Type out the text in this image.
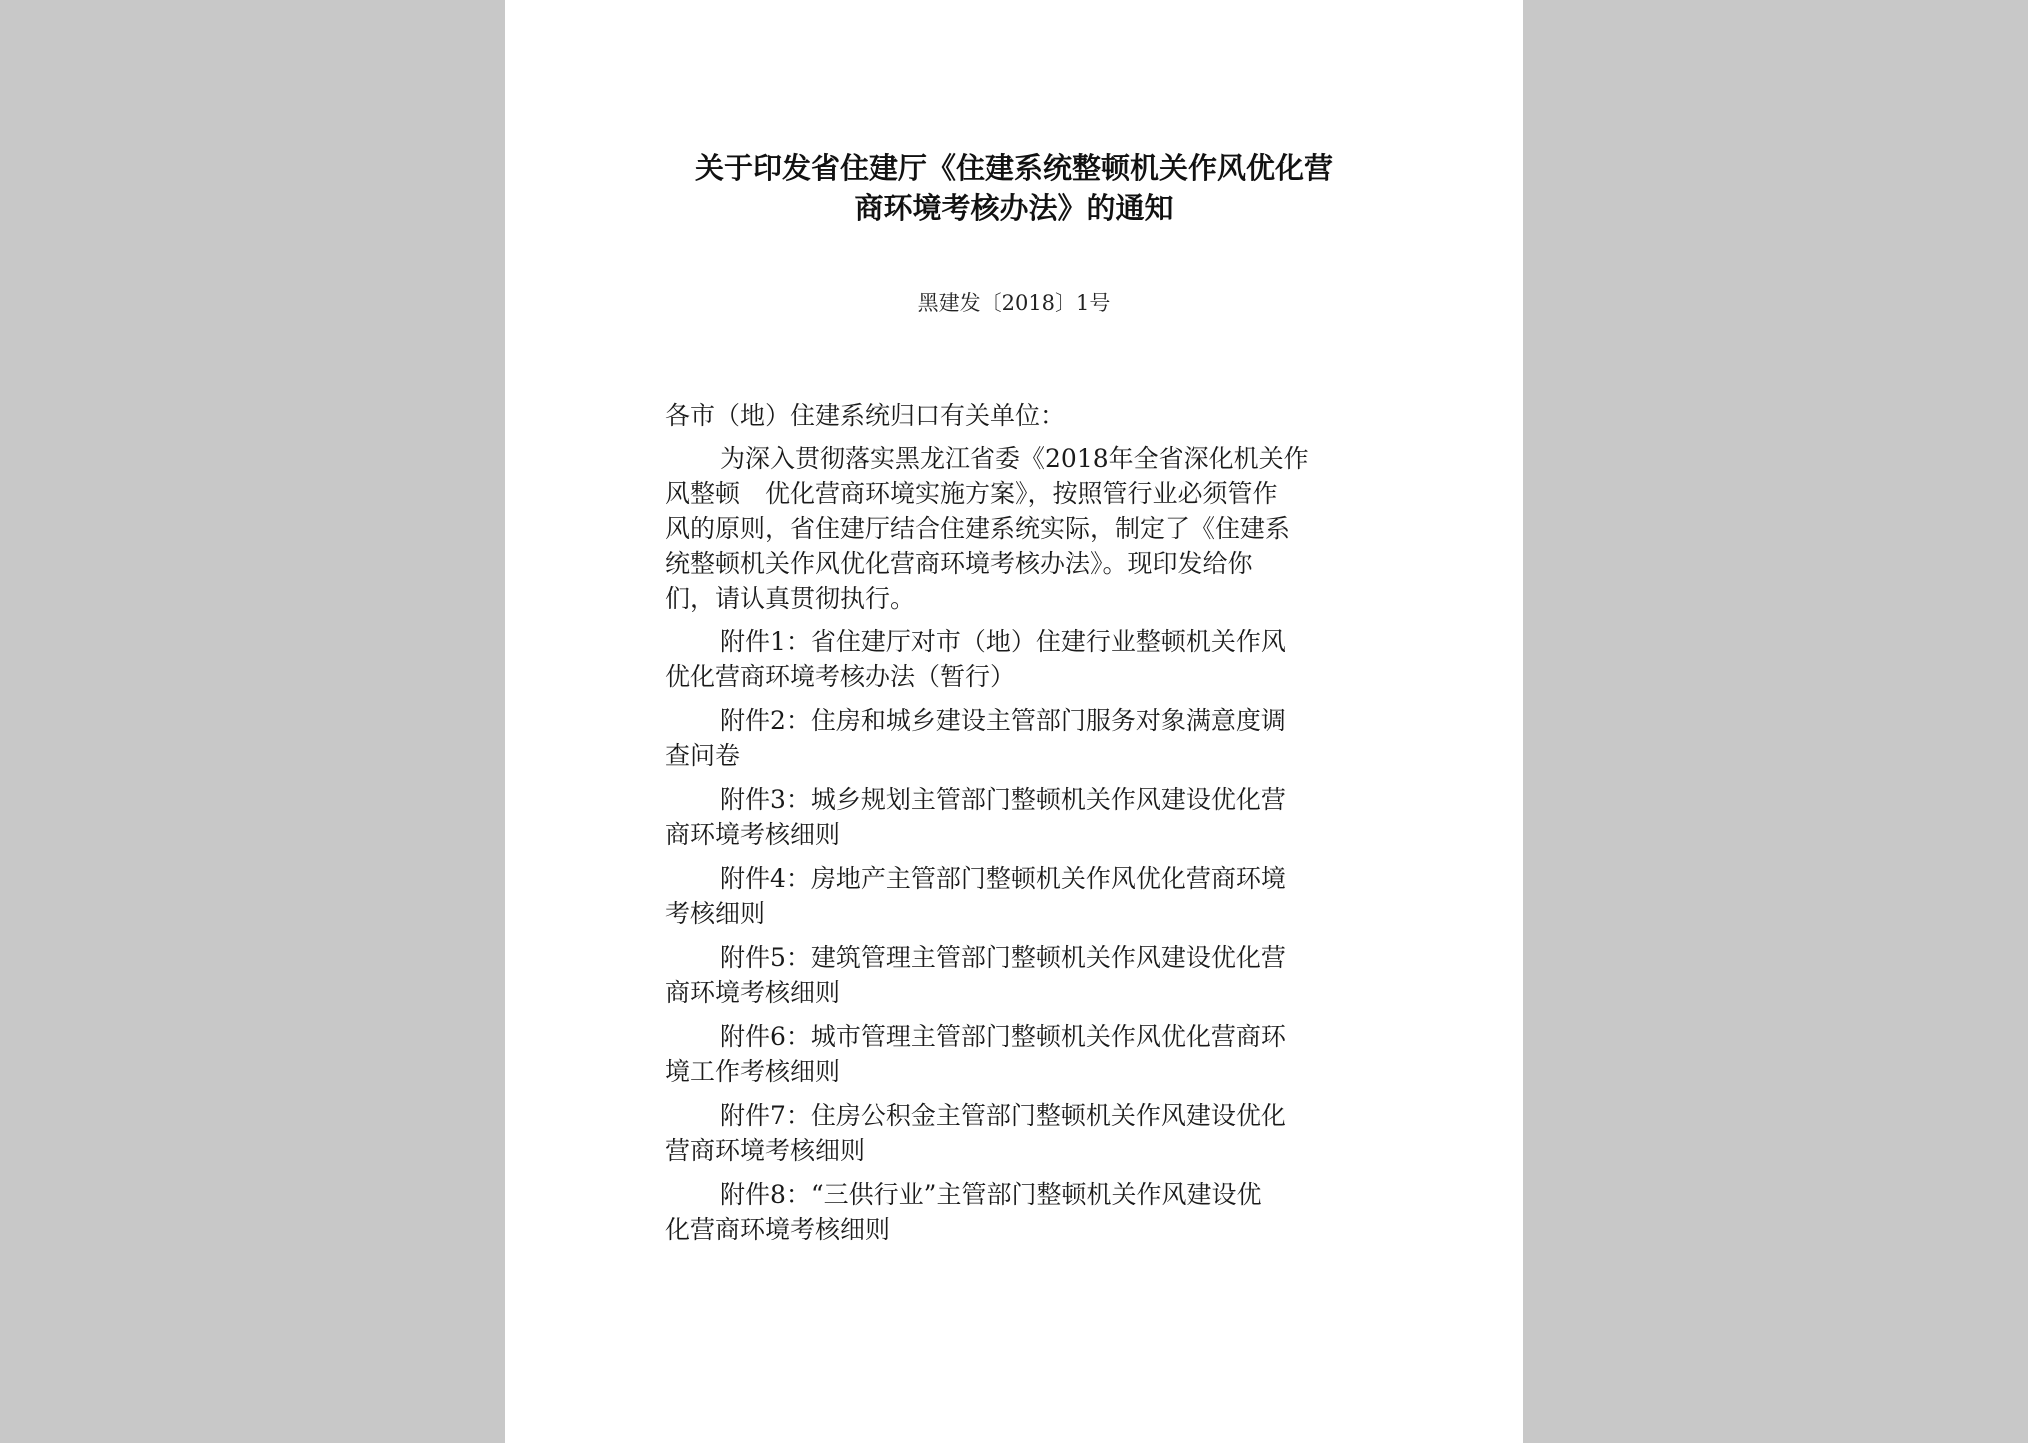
关于印发省住建厅《住建系统整顿机关作风优化营
商环境考核办法》的通知
黑建发〔2018〕1号
各市（地）住建系统归口有关单位：
为深入贯彻落实黑龙江省委《2018年全省深化机关作
风整顿　优化营商环境实施方案》，按照管行业必须管作
风的原则，省住建厅结合住建系统实际，制定了《住建系
统整顿机关作风优化营商环境考核办法》。现印发给你
们，请认真贯彻执行。
附件1：省住建厅对市（地）住建行业整顿机关作风
优化营商环境考核办法（暂行）
附件2：住房和城乡建设主管部门服务对象满意度调
查问卷
附件3：城乡规划主管部门整顿机关作风建设优化营
商环境考核细则
附件4：房地产主管部门整顿机关作风优化营商环境
考核细则
附件5：建筑管理主管部门整顿机关作风建设优化营
商环境考核细则
附件6：城市管理主管部门整顿机关作风优化营商环
境工作考核细则
附件7：住房公积金主管部门整顿机关作风建设优化
营商环境考核细则
附件8：“三供行业”主管部门整顿机关作风建设优
化营商环境考核细则
